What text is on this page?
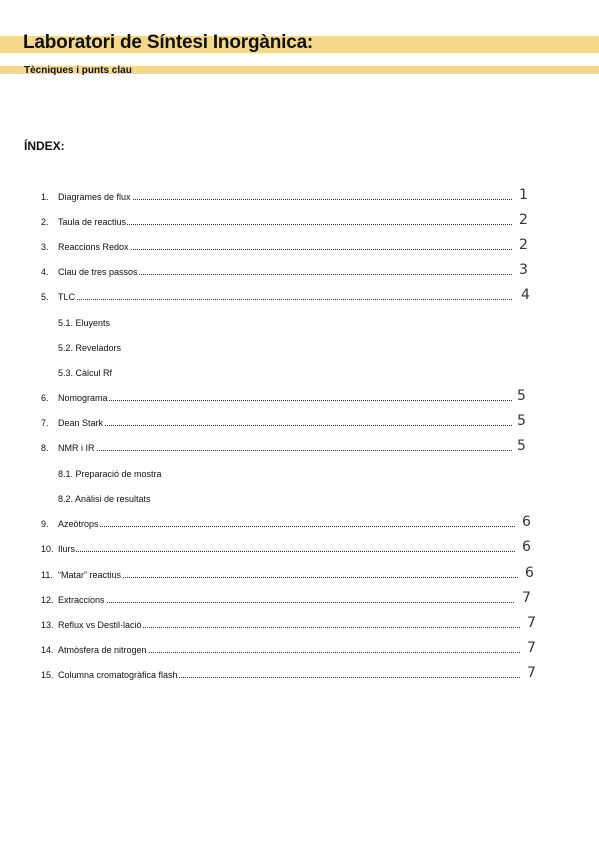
Laboratori de Síntesi Inorgànica:
Tècniques i punts clau
ÍNDEX:
1. Diagrames de flux	1
2. Taula de reactius	2
3. Reaccions Redox	2
4. Clau de tres passos	3
5. TLC	4
5.1. Eluyents
5.2. Reveladors
5.3. Càlcul Rf
6. Nomograma	5
7. Dean Stark	5
8. NMR i IR	5
8.1. Preparació de mostra
8.2. Anàlisi de resultats
9. Azeòtrops	6
10. Ilurs	6
11. “Matar” reactius	6
12. Extraccions	7
13. Reflux vs Destil·lació	7
14. Atmòsfera de nitrogen	7
15. Columna cromatogràfica flash	7
